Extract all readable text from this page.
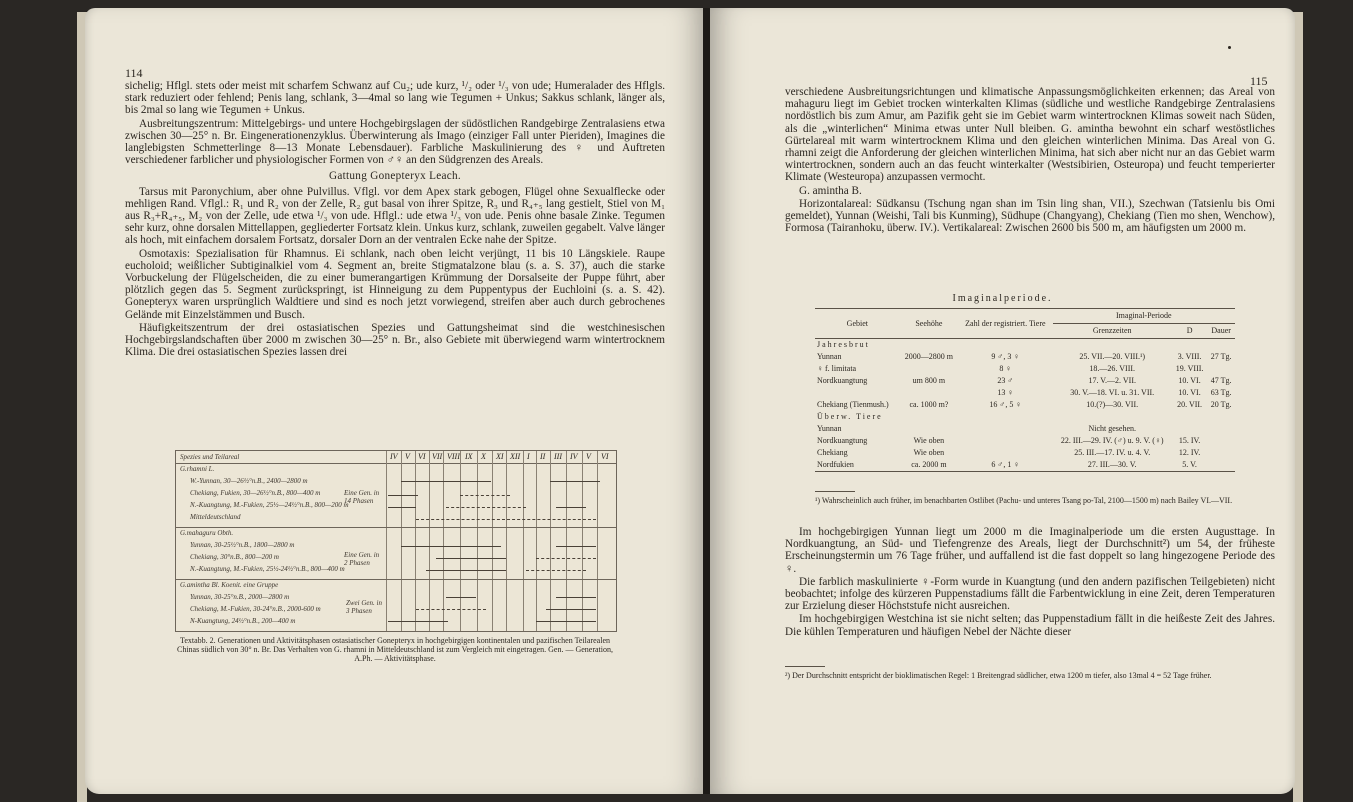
114

sichelig; Hflgl. stets oder meist mit scharfem Schwanz auf Cu₂; ude kurz, ¹/₂ oder ¹/₃ von ude; Humeralader des Hflgls. stark reduziert oder fehlend; Penis lang, schlank, 3—4mal so lang wie Tegumen + Unkus; Sakkus schlank, länger als, bis 2mal so lang wie Tegumen + Unkus.

Ausbreitungszentrum: Mittelgebirgs- und untere Hochgebirgslagen der südöstlichen Randgebirge Zentralasiens etwa zwischen 30—25° n. Br. Eingenerationenzyklus. Überwinterung als Imago (einziger Fall unter Pieriden), Imagines die langlebigsten Schmetterlinge 8—13 Monate Lebensdauer). Farbliche Maskulinierung des ♀ und Auftreten verschiedener farblicher und physiologischer Formen von ♂♀ an den Südgrenzen des Areals.

Gattung Gonepteryx Leach.

Tarsus mit Paronychium, aber ohne Pulvillus. Vflgl. vor dem Apex stark gebogen, Flügel ohne Sexualflecke oder mehligen Rand. Vflgl.: R₁ und R₂ von der Zelle, R₂ gut basal von ihrer Spitze, R₃ und R₄₊₅ lang gestielt, Stiel von M₁ aus R₃+R₄₊₅, M₂ von der Zelle, ude etwa ¹/₃ von ude. Hflgl.: ude etwa ¹/₃ von ude. Penis ohne basale Zinke. Tegumen sehr kurz, ohne dorsalen Mittellappen, gegliederter Fortsatz klein. Unkus kurz, schlank, zuweilen gegabelt. Valve länger als hoch, mit einfachem dorsalem Fortsatz, dorsaler Dorn an der ventralen Ecke nahe der Spitze.

Osmotaxis: Spezialisation für Rhamnus. Ei schlank, nach oben leicht verjüngt, 11 bis 10 Längskiele. Raupe eucholoid; weißlicher Subtiginalkiel vom 4. Segment an, breite Stigmatalzone blau (s. a. S. 37), auch die starke Vorbuckelung der Flügelscheiden, die zu einer bumerangartigen Krümmung der Dorsalseite der Puppe führt, aber plötzlich gegen das 5. Segment zurückspringt, ist Hinneigung zu dem Puppentypus der Euchloini (s. a. S. 42). Gonepteryx waren ursprünglich Waldtiere und sind es noch jetzt vorwiegend, streifen aber auch durch gebrochenes Gelände mit Einzelstämmen und Busch.

Häufigkeitszentrum der drei ostasiatischen Spezies und Gattungsheimat sind die westchinesischen Hochgebirgslandschaften über 2000 m zwischen 30—25° n. Br., also Gebiete mit überwiegend warm wintertrocknem Klima. Die drei ostasiatischen Spezies lassen drei

Spezies und Teilareal	IV V VI VII VIII IX X XI XII I II III IV V VI
G.rhamni L.
W.-Yunnan, 30—26½°n.B., 2400—2800 m
Chekiang, Fukien, 30—26½°n.B., 800—400 m
N.-Kuangtung, M.-Fukien, 25½—24½°n.B., 800—200 m
Mitteldeutschland
Eine Gen. in 14 Phasen
G.mahaguru Obth.
Yunnan, 30-25½°n.B., 1800—2800 m
Chekiang, 30°n.B., 800—200 m
N.-Kuangtung, M.-Fukien, 25½-24½°n.B., 800—400 m
Eine Gen. in 2 Phasen
G.amintha Bl. Koenit. eine Gruppe
Yunnan, 30-25°n.B., 2000—2800 m
Chekiang, M.-Fukien, 30-24°n.B., 2000-600 m
N-Kuangtung, 24½°n.B., 200—400 m
Zwei Gen. in 3 Phasen
Textabb. 2. Generationen und Aktivitätsphasen ostasiatischer Gonepteryx in hochgebirgigen kontinentalen und pazifischen Teilarealen Chinas südlich von 30° n. Br. Das Verhalten von G. rhamni in Mitteldeutschland ist zum Vergleich mit eingetragen. Gen. — Generation, A.Ph. — Aktivitätsphase.
115

verschiedene Ausbreitungsrichtungen und klimatische Anpassungsmöglichkeiten erkennen; das Areal von mahaguru liegt im Gebiet trocken winterkalten Klimas (südliche und westliche Randgebirge Zentralasiens nordöstlich bis zum Amur, am Pazifik geht sie im Gebiet warm wintertrocknen Klimas soweit nach Süden, als die „winterlichen“ Minima etwas unter Null bleiben. G. amintha bewohnt ein scharf westöstliches Gürtelareal mit warm wintertrocknem Klima und den gleichen winterlichen Minima. Das Areal von G. rhamni zeigt die Anforderung der gleichen winterlichen Minima, hat sich aber nicht nur an das Gebiet warm wintertrocknen, sondern auch an das feucht winterkalter (Westsibirien, Osteuropa) und feucht temperierter Klimate (Westeuropa) anzupassen vermocht.

G. amintha B.

Horizontalareal: Südkansu (Tschung ngan shan im Tsin ling shan, VII.), Szechwan (Tatsienlu bis Omi gemeldet), Yunnan (Weishi, Tali bis Kunming), Südhupe (Changyang), Chekiang (Tien mo shen, Wenchow), Formosa (Tairanhoku, überw. IV.). Vertikalareal: Zwischen 2600 bis 500 m, am häufigsten um 2000 m.

Imaginalperiode.
Gebiet	Seehöhe	Zahl der registriert. Tiere	Imaginal-Periode		
			Grenzzeiten	D	Dauer
Jahresbrut					
Yunnan	2000—2800 m	9 ♂, 3 ♀	25. VII.—20. VIII.¹)	3. VIII.	27 Tg.
♀ f. limitata		8 ♀	18.—26. VIII.	19. VIII.	
Nordkuangtung	um 800 m	23 ♂	17. V.—2. VII.	10. VI.	47 Tg.
		13 ♀	30. V.—18. VI. u. 31. VII.	10. VI.	63 Tg.
Chekiang (Tienmush.)	ca. 1000 m?	16 ♂, 5 ♀	10.(?)—30. VII.	20. VII.	20 Tg.
Überw. Tiere					
Yunnan			Nicht gesehen.		
Nordkuangtung	Wie oben		22. III.—29. IV. (♂) u. 9. V. (♀)	15. IV.	
Chekiang	Wie oben		25. III.—17. IV. u. 4. V.	12. IV.	
Nordfukien	ca. 2000 m	6 ♂, 1 ♀	27. III.—30. V.	5. V.	
¹) Wahrscheinlich auch früher, im benachbarten Ostlibet (Pachu- und unteres Tsang po-Tal, 2100—1500 m) nach Bailey VI.—VII.

Im hochgebirgigen Yunnan liegt um 2000 m die Imaginalperiode um die ersten Augusttage. In Nordkuangtung, an Süd- und Tiefengrenze des Areals, liegt der Durchschnitt²) um 54, der früheste Erscheinungstermin um 76 Tage früher, und auffallend ist die fast doppelt so lang hingezogene Periode des ♀.

Die farblich maskulinierte ♀-Form wurde in Kuangtung (und den andern pazifischen Teilgebieten) nicht beobachtet; infolge des kürzeren Puppenstadiums fällt die Farbentwicklung in eine Zeit, deren Temperaturen zur Erzielung dieser Höchststufe nicht ausreichen.

Im hochgebirgigen Westchina ist sie nicht selten; das Puppenstadium fällt in die heißeste Zeit des Jahres. Die kühlen Temperaturen und häufigen Nebel der Nächte dieser

²) Der Durchschnitt entspricht der bioklimatischen Regel: 1 Breitengrad südlicher, etwa 1200 m tiefer, also 13mal 4 = 52 Tage früher.
